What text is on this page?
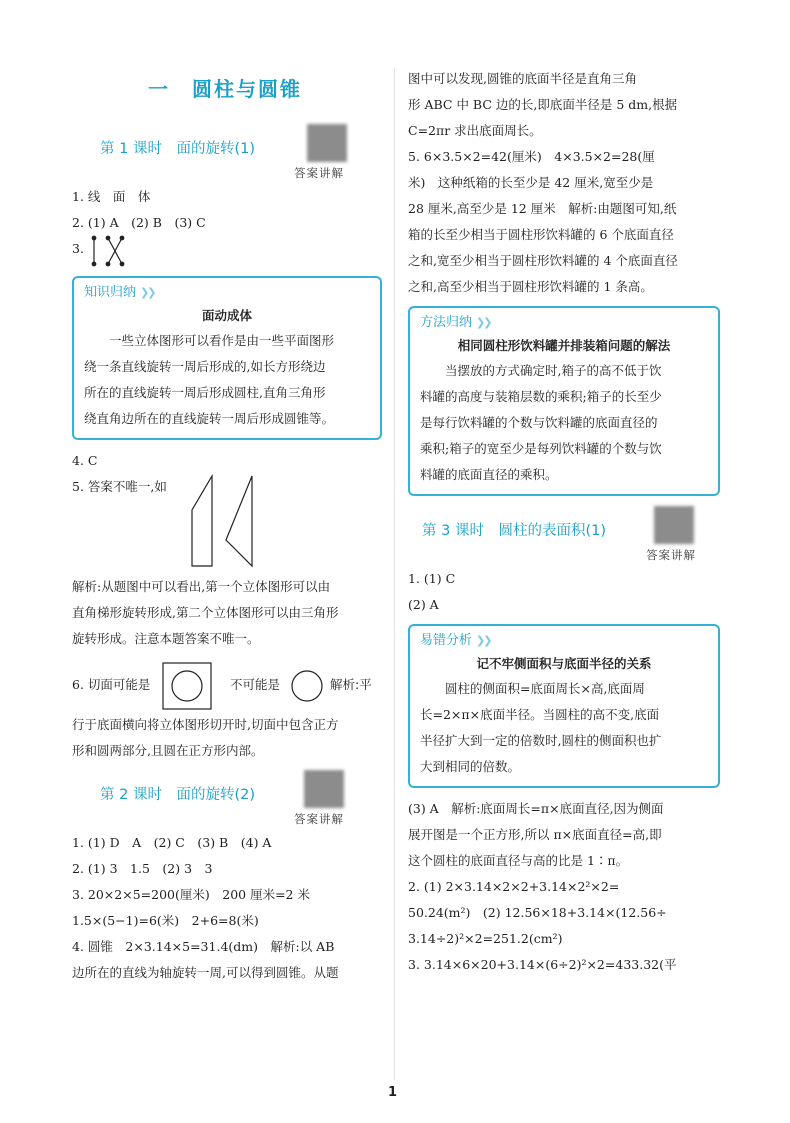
一　圆柱与圆锥
第 1 课时　面的旋转(1)
答案讲解
1. 线　面　体
2. (1) A　(2) B　(3) C
3.
知识归纳 ❯❯
面动成体

一些立体图形可以看作是由一些平面图形

绕一条直线旋转一周后形成的,如长方形绕边

所在的直线旋转一周后形成圆柱,直角三角形

绕直角边所在的直线旋转一周后形成圆锥等。

4. C
5. 答案不唯一,如
解析:从题图中可以看出,第一个立体图形可以由
直角梯形旋转形成,第二个立体图形可以由三角形
旋转形成。注意本题答案不唯一。
6. 切面可能是	不可能是	解析:平
行于底面横向将立体图形切开时,切面中包含正方
形和圆两部分,且圆在正方形内部。
第 2 课时　面的旋转(2)
答案讲解
1. (1) D　A　(2) C　(3) B　(4) A
2. (1) 3　1.5　(2) 3　3
3. 20×2×5=200(厘米)　200 厘米=2 米
1.5×(5−1)=6(米)　2+6=8(米)
4. 圆锥　2×3.14×5=31.4(dm)　解析:以 AB
边所在的直线为轴旋转一周,可以得到圆锥。从题
图中可以发现,圆锥的底面半径是直角三角
形 ABC 中 BC 边的长,即底面半径是 5 dm,根据
C=2πr 求出底面周长。
5. 6×3.5×2=42(厘米)　4×3.5×2=28(厘
米)　这种纸箱的长至少是 42 厘米,宽至少是
28 厘米,高至少是 12 厘米　解析:由题图可知,纸
箱的长至少相当于圆柱形饮料罐的 6 个底面直径
之和,宽至少相当于圆柱形饮料罐的 4 个底面直径
之和,高至少相当于圆柱形饮料罐的 1 条高。
方法归纳 ❯❯
相同圆柱形饮料罐并排装箱问题的解法

当摆放的方式确定时,箱子的高不低于饮

料罐的高度与装箱层数的乘积;箱子的长至少

是每行饮料罐的个数与饮料罐的底面直径的

乘积;箱子的宽至少是每列饮料罐的个数与饮

料罐的底面直径的乘积。

第 3 课时　圆柱的表面积(1)
答案讲解
1. (1) C
(2) A
易错分析 ❯❯
记不牢侧面积与底面半径的关系

圆柱的侧面积=底面周长×高,底面周

长=2×π×底面半径。当圆柱的高不变,底面

半径扩大到一定的倍数时,圆柱的侧面积也扩

大到相同的倍数。

(3) A　解析:底面周长=π×底面直径,因为侧面
展开图是一个正方形,所以 π×底面直径=高,即
这个圆柱的底面直径与高的比是 1∶π。
2. (1) 2×3.14×2×2+3.14×2²×2=
50.24(m²)　(2) 12.56×18+3.14×(12.56÷
3.14÷2)²×2=251.2(cm²)
3. 3.14×6×20+3.14×(6÷2)²×2=433.32(平
1
